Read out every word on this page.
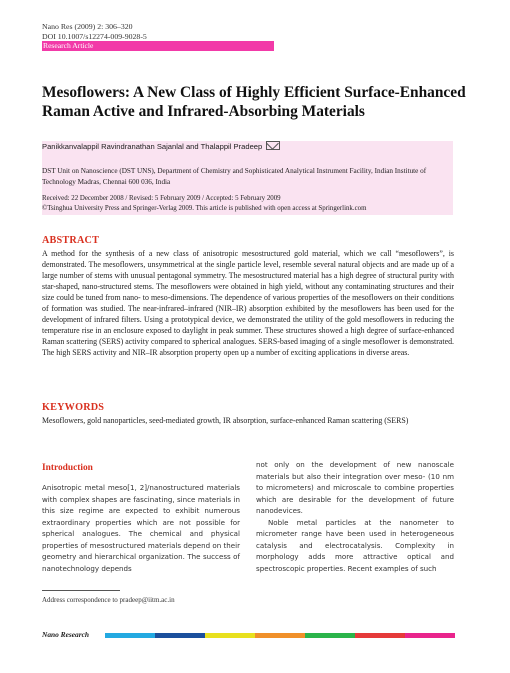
Nano Res (2009) 2: 306–320
DOI 10.1007/s12274-009-9028-5
Research Article
Mesoflowers: A New Class of Highly Efficient Surface-Enhanced Raman Active and Infrared-Absorbing Materials
Panikkanvalappil Ravindranathan Sajanlal and Thalappil Pradeep
DST Unit on Nanoscience (DST UNS), Department of Chemistry and Sophisticated Analytical Instrument Facility, Indian Institute of Technology Madras, Chennai 600 036, India
Received: 22 December 2008 / Revised: 5 February 2009 / Accepted: 5 February 2009
©Tsinghua University Press and Springer-Verlag 2009. This article is published with open access at Springerlink.com
ABSTRACT
A method for the synthesis of a new class of anisotropic mesostructured gold material, which we call “mesoflowers”, is demonstrated. The mesoflowers, unsymmetrical at the single particle level, resemble several natural objects and are made up of a large number of stems with unusual pentagonal symmetry. The mesostructured material has a high degree of structural purity with star-shaped, nano-structured stems. The mesoflowers were obtained in high yield, without any contaminating structures and their size could be tuned from nano- to meso-dimensions. The dependence of various properties of the mesoflowers on their conditions of formation was studied. The near-infrared–infrared (NIR–IR) absorption exhibited by the mesoflowers has been used for the development of infrared filters. Using a prototypical device, we demonstrated the utility of the gold mesoflowers in reducing the temperature rise in an enclosure exposed to daylight in peak summer. These structures showed a high degree of surface-enhanced Raman scattering (SERS) activity compared to spherical analogues. SERS-based imaging of a single mesoflower is demonstrated. The high SERS activity and NIR–IR absorption property open up a number of exciting applications in diverse areas.
KEYWORDS
Mesoflowers, gold nanoparticles, seed-mediated growth, IR absorption, surface-enhanced Raman scattering (SERS)
Introduction
Anisotropic metal meso[1, 2]/nanostructured materials with complex shapes are fascinating, since materials in this size regime are expected to exhibit numerous extraordinary properties which are not possible for spherical analogues. The chemical and physical properties of mesostructured materials depend on their geometry and hierarchical organization. The success of nanotechnology depends

not only on the development of new nanoscale materials but also their integration over meso- (10 nm to micrometers) and microscale to combine properties which are desirable for the development of future nanodevices.

Noble metal particles at the nanometer to micrometer range have been used in heterogeneous catalysis and electrocatalysis. Complexity in morphology adds more attractive optical and spectroscopic properties. Recent examples of such

Address correspondence to pradeep@iitm.ac.in
Nano Research
